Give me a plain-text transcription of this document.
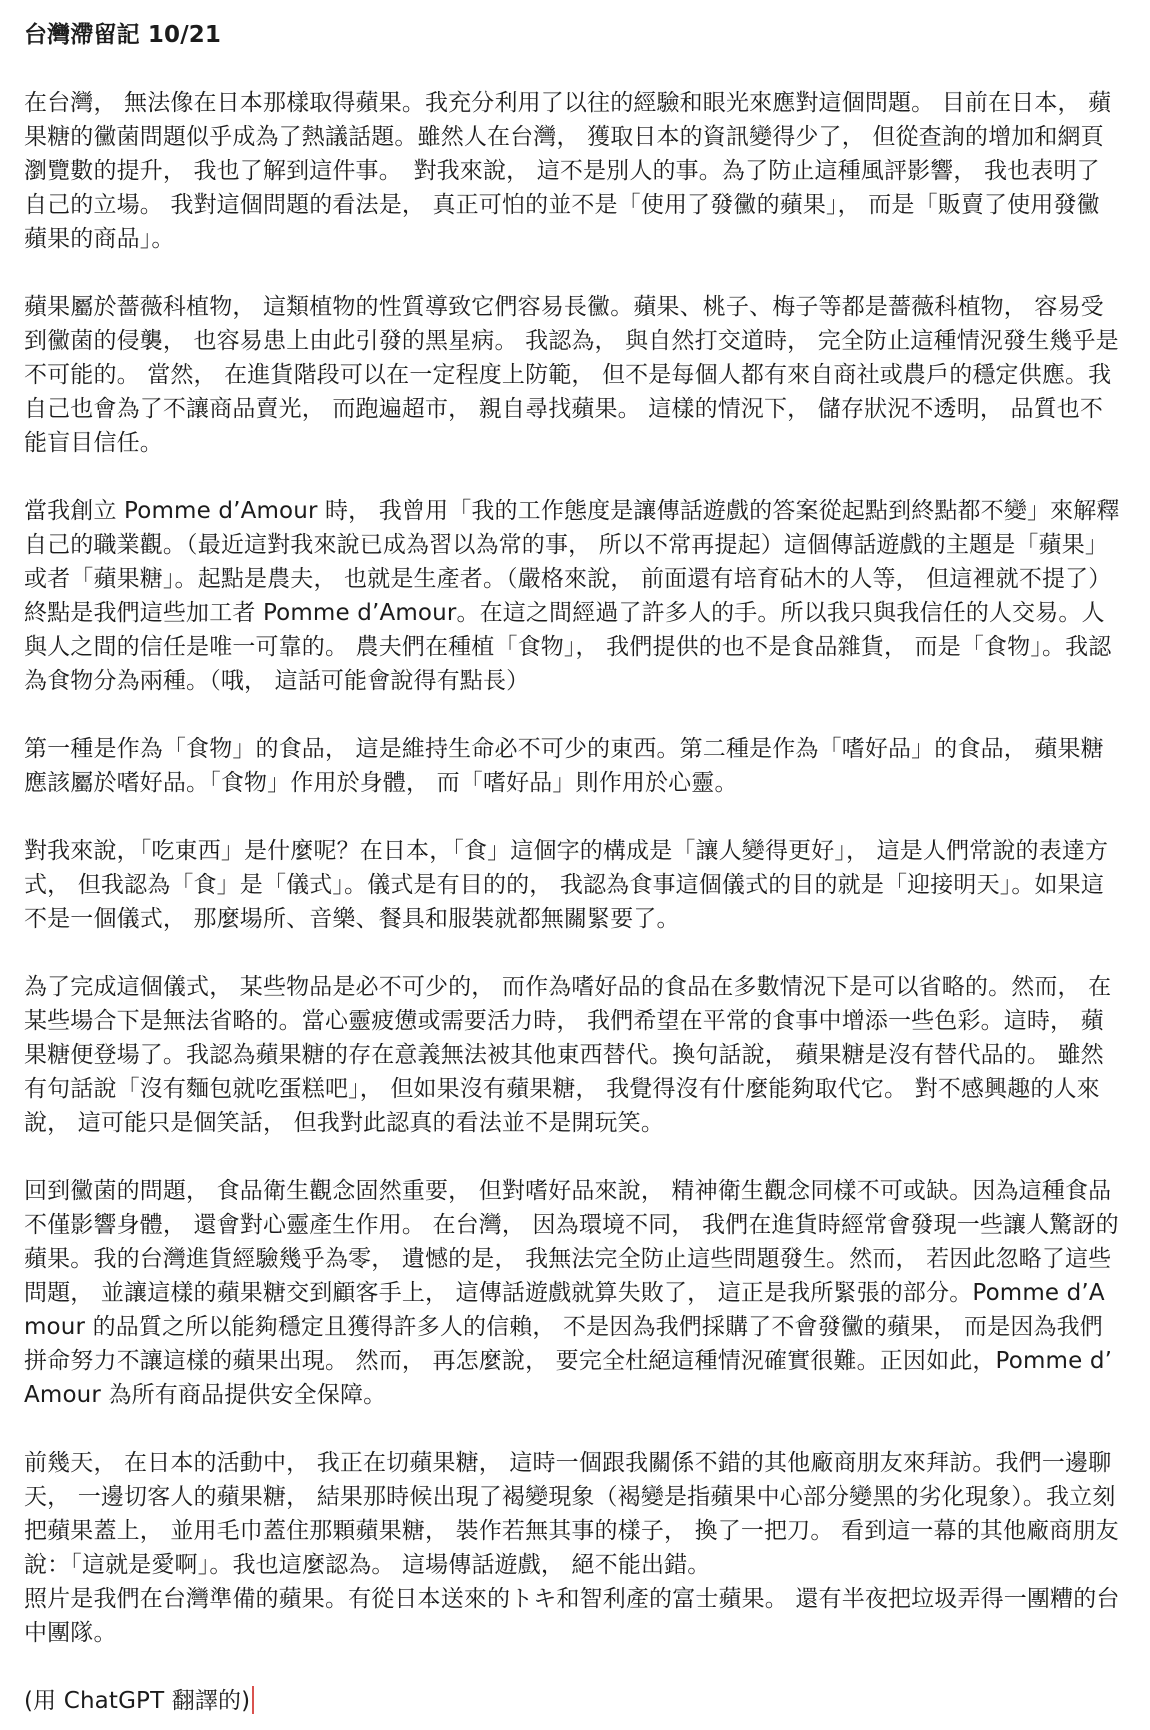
台灣滯留記 10/21

在台灣， 無法像在日本那樣取得蘋果。我充分利用了以往的經驗和眼光來應對這個問題。 目前在日本， 蘋果糖的黴菌問題似乎成為了熱議話題。雖然人在台灣， 獲取日本的資訊變得少了， 但從查詢的增加和網頁瀏覽數的提升， 我也了解到這件事。　對我來說， 這不是別人的事。為了防止這種風評影響， 我也表明了自己的立場。 我對這個問題的看法是， 真正可怕的並不是「使用了發黴的蘋果」， 而是「販賣了使用發黴蘋果的商品」。

蘋果屬於薔薇科植物， 這類植物的性質導致它們容易長黴。蘋果、桃子、梅子等都是薔薇科植物， 容易受到黴菌的侵襲， 也容易患上由此引發的黑星病。 我認為， 與自然打交道時， 完全防止這種情況發生幾乎是不可能的。 當然， 在進貨階段可以在一定程度上防範， 但不是每個人都有來自商社或農戶的穩定供應。我自己也會為了不讓商品賣光， 而跑遍超市， 親自尋找蘋果。 這樣的情況下， 儲存狀況不透明， 品質也不能盲目信任。

當我創立 Pomme d’Amour 時， 我曾用「我的工作態度是讓傳話遊戲的答案從起點到終點都不變」來解釋自己的職業觀。（最近這對我來說已成為習以為常的事， 所以不常再提起）這個傳話遊戲的主題是「蘋果」或者「蘋果糖」。起點是農夫， 也就是生產者。（嚴格來說， 前面還有培育砧木的人等， 但這裡就不提了）終點是我們這些加工者 Pomme d’Amour。在這之間經過了許多人的手。所以我只與我信任的人交易。人與人之間的信任是唯一可靠的。 農夫們在種植「食物」， 我們提供的也不是食品雜貨， 而是「食物」。我認為食物分為兩種。（哦， 這話可能會說得有點長）

第一種是作為「食物」的食品， 這是維持生命必不可少的東西。第二種是作為「嗜好品」的食品， 蘋果糖應該屬於嗜好品。「食物」作用於身體， 而「嗜好品」則作用於心靈。

對我來說，「吃東西」是什麼呢？在日本，「食」這個字的構成是「讓人變得更好」， 這是人們常說的表達方式， 但我認為「食」是「儀式」。儀式是有目的的， 我認為食事這個儀式的目的就是「迎接明天」。如果這不是一個儀式， 那麼場所、音樂、餐具和服裝就都無關緊要了。

為了完成這個儀式， 某些物品是必不可少的， 而作為嗜好品的食品在多數情況下是可以省略的。然而， 在某些場合下是無法省略的。當心靈疲憊或需要活力時， 我們希望在平常的食事中增添一些色彩。這時， 蘋果糖便登場了。我認為蘋果糖的存在意義無法被其他東西替代。換句話說， 蘋果糖是沒有替代品的。 雖然有句話說「沒有麵包就吃蛋糕吧」， 但如果沒有蘋果糖， 我覺得沒有什麼能夠取代它。 對不感興趣的人來說， 這可能只是個笑話， 但我對此認真的看法並不是開玩笑。

回到黴菌的問題， 食品衛生觀念固然重要， 但對嗜好品來說， 精神衛生觀念同樣不可或缺。因為這種食品不僅影響身體， 還會對心靈產生作用。 在台灣， 因為環境不同， 我們在進貨時經常會發現一些讓人驚訝的蘋果。我的台灣進貨經驗幾乎為零， 遺憾的是， 我無法完全防止這些問題發生。然而， 若因此忽略了這些問題， 並讓這樣的蘋果糖交到顧客手上， 這傳話遊戲就算失敗了， 這正是我所緊張的部分。Pomme d’Amour 的品質之所以能夠穩定且獲得許多人的信賴， 不是因為我們採購了不會發黴的蘋果， 而是因為我們拼命努力不讓這樣的蘋果出現。 然而， 再怎麼說， 要完全杜絕這種情況確實很難。正因如此，Pomme d’Amour 為所有商品提供安全保障。

前幾天， 在日本的活動中， 我正在切蘋果糖， 這時一個跟我關係不錯的其他廠商朋友來拜訪。我們一邊聊天， 一邊切客人的蘋果糖， 結果那時候出現了褐變現象（褐變是指蘋果中心部分變黑的劣化現象）。我立刻把蘋果蓋上， 並用毛巾蓋住那顆蘋果糖， 裝作若無其事的樣子， 換了一把刀。 看到這一幕的其他廠商朋友說：「這就是愛啊」。我也這麼認為。 這場傳話遊戲， 絕不能出錯。

照片是我們在台灣準備的蘋果。有從日本送來的トキ和智利產的富士蘋果。 還有半夜把垃圾弄得一團糟的台中團隊。

(用 ChatGPT 翻譯的)
